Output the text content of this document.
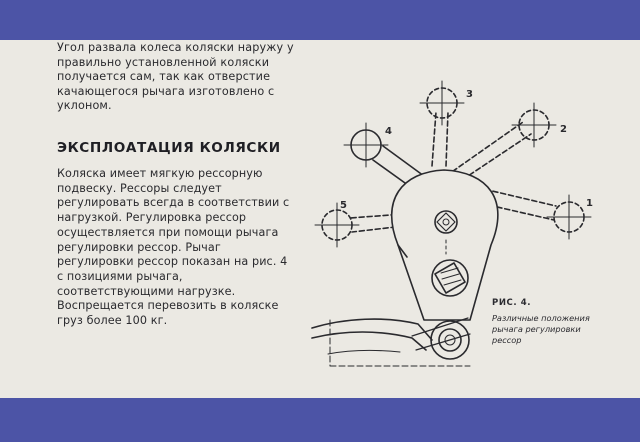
Угол развала колеса коляски наружу у правильно установленной коляски получается сам, так как отверстие качающегося рычага изготовлено с уклоном.

ЭКСПЛОАТАЦИЯ КОЛЯСКИ

Коляска имеет мягкую рессорную подвеску. Рессоры следует регулировать всегда в соответствии с нагрузкой. Регулировка рессор осуществляется при помощи рычага регулировки рессор. Рычаг регулировки рессор показан на рис. 4 с позициями рычага, соответствующими нагрузке.

Воспрещается перевозить в коляске груз более 100 кг.

1
2
3
4
5

РИС. 4.

Различные положения рычага регулировки рессор
